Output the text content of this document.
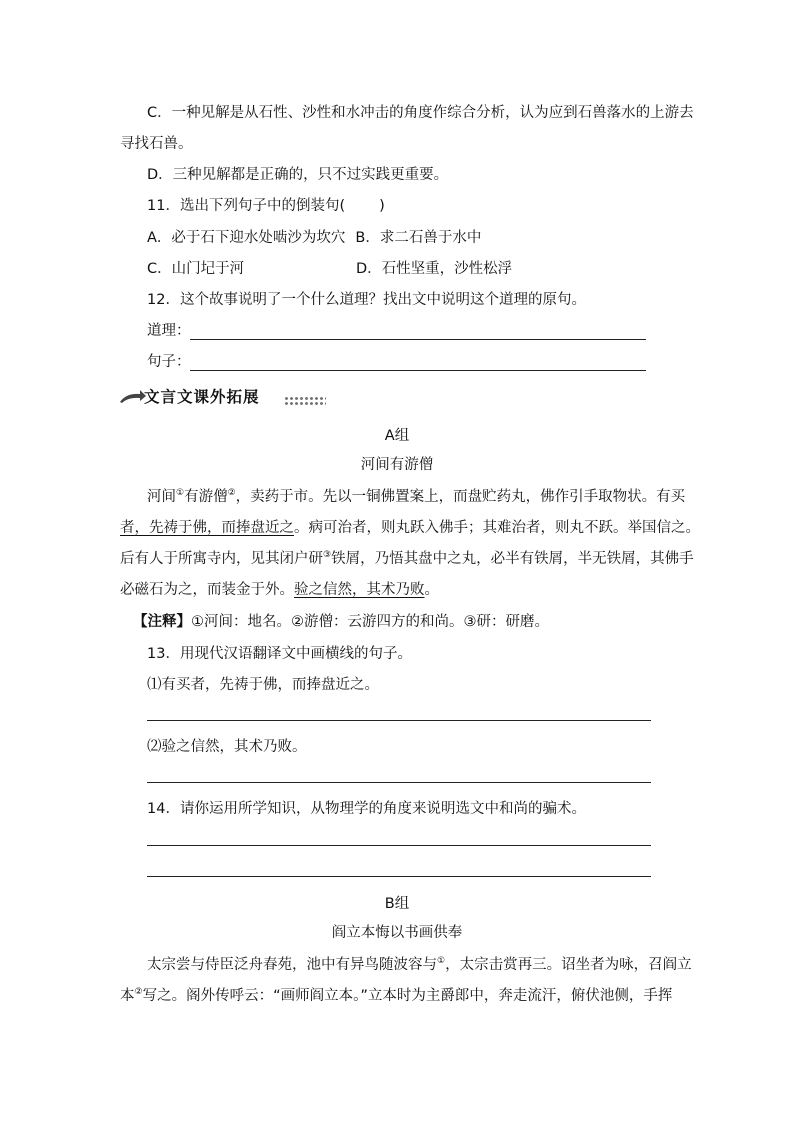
C．一种见解是从石性、沙性和水冲击的角度作综合分析，认为应到石兽落水的上游去
寻找石兽。
D．三种见解都是正确的，只不过实践更重要。
11．选出下列句子中的倒装句( )
A．必于石下迎水处啮沙为坎穴 B．求二石兽于水中
C．山门圮于河	D．石性坚重，沙性松浮
12．这个故事说明了一个什么道理？找出文中说明这个道理的原句。
道理：
句子：
文言文课外拓展
A组
河间有游僧
河间①有游僧②，卖药于市。先以一铜佛置案上，而盘贮药丸，佛作引手取物状。有买
者，先祷于佛，而捧盘近之。病可治者，则丸跃入佛手；其难治者，则丸不跃。举国信之。
后有人于所寓寺内，见其闭户研③铁屑，乃悟其盘中之丸，必半有铁屑，半无铁屑，其佛手
必磁石为之，而装金于外。验之信然，其术乃败。
【注释】①河间：地名。②游僧：云游四方的和尚。③研：研磨。
13．用现代汉语翻译文中画横线的句子。
⑴有买者，先祷于佛，而捧盘近之。
⑵验之信然，其术乃败。
14．请你运用所学知识，从物理学的角度来说明选文中和尚的骗术。
B组
阎立本悔以书画供奉
太宗尝与侍臣泛舟春苑，池中有异鸟随波容与①，太宗击赏再三。诏坐者为咏，召阎立
本②写之。阁外传呼云：“画师阎立本。”立本时为主爵郎中，奔走流汗，俯伏池侧，手挥
